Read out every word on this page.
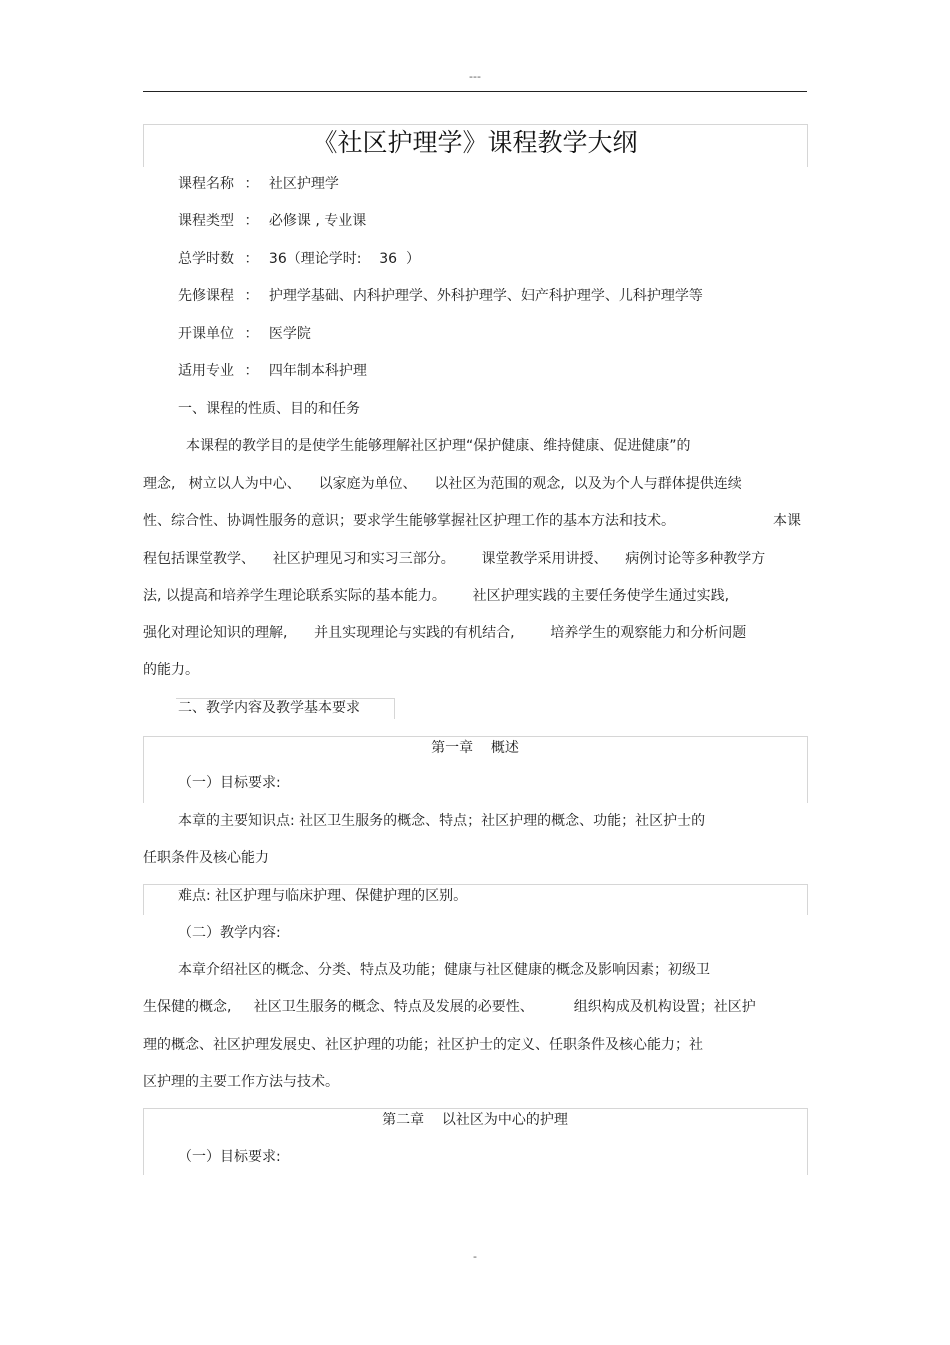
---
《社区护理学》课程教学大纲
课程名称 ： 社区护理学
课程类型 ： 必修课 , 专业课
总学时数 ： 36（理论学时:    36  ）
先修课程 ： 护理学基础、内科护理学、外科护理学、妇产科护理学、儿科护理学等
开课单位 ： 医学院
适用专业 ： 四年制本科护理
一、课程的性质、目的和任务
本课程的教学目的是使学生能够理解社区护理“保护健康、维持健康、促进健康”的
理念,   树立以人为中心、    以家庭为单位、    以社区为范围的观念,  以及为个人与群体提供连续
性、综合性、协调性服务的意识；要求学生能够掌握社区护理工作的基本方法和技术。	本课
程包括课堂教学、    社区护理见习和实习三部分。      课堂教学采用讲授、    病例讨论等多种教学方
法, 以提高和培养学生理论联系实际的基本能力。      社区护理实践的主要任务使学生通过实践,
强化对理论知识的理解,      并且实现理论与实践的有机结合,        培养学生的观察能力和分析问题
的能力。
二、教学内容及教学基本要求
第一章    概述
（一）目标要求:
本章的主要知识点: 社区卫生服务的概念、特点；社区护理的概念、功能；社区护士的
任职条件及核心能力
难点: 社区护理与临床护理、保健护理的区别。
（二）教学内容:
本章介绍社区的概念、分类、特点及功能；健康与社区健康的概念及影响因素；初级卫
生保健的概念,     社区卫生服务的概念、特点及发展的必要性、         组织构成及机构设置；社区护
理的概念、社区护理发展史、社区护理的功能；社区护士的定义、任职条件及核心能力；社
区护理的主要工作方法与技术。
第二章    以社区为中心的护理
（一）目标要求:
-
